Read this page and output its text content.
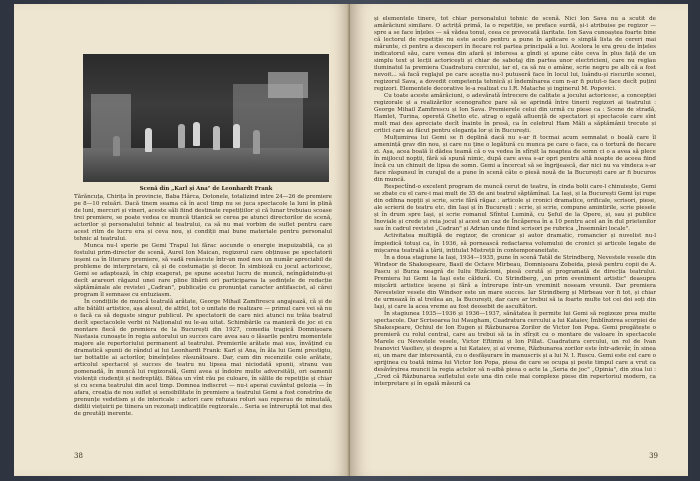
Scenă din „Karl și Ana" de Leonhardt Frank

Tărăncuța, Chirița în provincie, Baba Hârca, Dotonele, totalizind intre 24—26 de premiere pe 8—10 reluări. Dacă tinem seama că în acel timp nu se juca spectacole la luni în plină de luni, mercuri și vineri, aceste săli fiind destinate repetițiilor și că lunar trebuiau scoase trei premiere, se poate vedea ce muncă titanică se cerea pe atunci directorilor de scenă, actorilor și personalului tehnic al teatrului, ca să nu mai vorbim de suflet pentru care acest ritm de lucru era și ceva nou, și condiții mai bune materiale pentru personalul tehnic al teatrului.

Munca nu-l sperie pe Gemi Trapul lui fărac aocunde o energie inepuizabilă, ca și fostului prim-director de scenă, Aurel Ion Maican, regizorul care obținuse pe spectatorii ieșeni ca în literare premiere, să vadă renăscute într-un mod nou un număr apreciabil de probleme de interpretare, că și de costumație și decor. În simbioză cu jocul actoricesc, Gemi se adaptează, în chip exagerat, pe spune acestui lucru de muncă, neîngăduindu-și decît arareori răgazul unei rare pline libării ori participarea la ședințele de redacție săptămânale ale revistei „Cadran", publicație cu pronunțat caracter antifascist, al cărei program îl semnase cu entuziasm.

În condițiile de muncă teatrală arătate, George Mihail Zamfirescu angajează, că și de alte bătălii artistice, așa alesul, de altfel, tot o unitate de realizare — primul care vei să nu o facă ca să deguste singur publicul. Pe spectatorii de care nici atunci nu trăia teatrul decît spectacolele verbi ni Naționalul nu le-au uitat. Schimbările ca manieră de joc ei cu montare fiecă de premiera de la București din 1927, comedia tragică Domnișoara Nastasia cunoaște în regia autorului un succes care avea sau o lăsarile pentru momentele majore ale repertoriului permanent al teatrului. Premierile arătate mai sus, învățind cu dramatică spunii de rândul ai lui Leonhardt Frank: Karl și Ana, în ăla lui Gemi prestigiu, iar bottatile ai actorilor, bineînțeles răsunătoare. Dar, cum din recenziile cele arătate, articolul spectacol și succes de teatru nu lipsea mai niciodată spunii, stranu vau pomenadă, în muncă lui regizorală, Gemi avea și îndoire multe adversități, ori oamenii violenții ciudenții și nedreptăți. Bătea un vînt rău pe culoare, în sălile de repetiție și chiar și cu scena teatrului din acel timp. Domnea indiscret — nu-i aperai cuvântul gelozia — în afara, creația de nou suflet și sensibilitate în premiere a teatrului Gemi a fost constrîns de prenunțe vedetism și de intericale : actori care refuzau roluri sau reperau de minutală, didilii viețuirii pe tiinera un rezonați indicațiile regizorale... Seria se întreruptă tot mai des de greutăți inerente.

38

și elementele tinere, tot chiar personalului tehnic de scenă. Nici Ion Sava nu a scutit de amărăciuni similare. O actriță primă, la o repetiție, se preface surdă, și-i atribuise pe regizor — spre a se face înțeles — să vădea tonul, ceea ce provocată ilaritate. Ion Sava cunoaștea foarte bine că lectorul de repetiție nu este acolo pentru a pune în aplicare o simplă lista de cereri mai mărunte, ci pentru a descoperi în fiecare rol partea principală a lui. Acelora le era greu de înțeles indicatorul său, care venea din afară și interesa a gîndi și spune câte ceva în plus față de un simplu text și lecții actoricești și chiar de sabotaj din partea unor electricieni, care nu reglau iluminatul la premiera Cuadratura cercului, iar el, ca să nu o amâne, scrie negru pe alb că a fost nevoit... să facă reglajul pe care aceștia nu-l putuseră face în locul lui, luându-și riscurile scenei, regizorul Sava, a dovedit competența tehnică și îndemînarea cum n-ar fi putut-o face decît puțini regizori. Elementele decorative le-a realizat cu I.R. Matache și inginerul M. Popovici.

Cu toate aceste amărăciuni, o adevărată întrecere de calitate a jocului actoricesc, a concepției regizorale și a realizărilor scenografice pare să se aprindă între tinerii regizori ai teatrului : George Mihail Zamfirescu și Ion Sava. Premierele celui din urmă cu piese ca : Scene de stradă, Hamlet, Turina, operetă Ghetto etc. atrag o egală afluență de spectatori și spectacole care sînt mult mai des apreciate decît înainte în presă, ca în celebrul Ham Mâli a săptămânii trecute și critici care au făcut pentru eleganța lor și în București.

Mulțumirea lui Gemi se fi deplină dacă nu s-ar fi tocmai acum semnalat o boală care îl amenință grav din nou, și care nu ține o legătură cu munca pe care o face, ca o tortură de fiecare zi. Așa, acea boală îi dădea teamă că o va vedea în sfîrșit la noaptea de somn ci o a avea să plece în mijlocul nopții, fără să spună nimic, după care avea s-ar opri pentru altă noapte de aceea fiind încă cu un chinuit de lipsa de somn. Gemi a încercat să se îngrijească, dar nici nu va vindeca s-ar face răspunsul în curajul de a pune în scenă câte o piesă nouă de la București care ar fi bucuros din muncă.

Respectînd-o excelent program de muncă cerut de teatru, în cinda bolii care-l chinuiește, Gemi se zbate cu el care-i mai mult de 35 de ani teatrul săptămînal. La Iași, și la București Gemi își rupe din odihna nopții și scrie, scrie fără răgaz : articole și cronici dramatice, orificale, scrisori, piese, ale scrierii de teatru etc. din Iași și în București : scrie, și scrie, compune amintirile, scrie piesele și în drum spre Iași, și scrie romanul Sfîntul Lumină, cu Șeful de la Opere, și, sau și publice Inoviale și crede și reia jocul și acest un caz de Încăperea în a 10 pentru acel an în dul prietenilor sau în cadrul revistei „Cadran" și Adrian unde fiind scrisori pe rubrica „Însemnări locale".

Activitatea multiplă de regizor, de cronicar și autor dramatic, romancier și nuvelist nu-l împiedică totuși ca, în 1936, să pornească redactarea volumului de cronici și articole legate de mișcarea teatrală a țării, intitulat Mistreții în contemporaneitate.

În a doua stagiune la Iași, 1934—1935, pune în scenă Tatăl de Strindberg, Nevestele vesele din Windsor de Shakespeare, Basil de Octave Mirbeau, Domnișoara Zobeida, piesă pentru copii de A. Pascu și Burza neagră de Iuliu Rizăcioni, piesă cerută și programată de direcția teatrului. Premiera lui Gemi la Iași este căldură. Cu Strindberg, „un prim eveniment artistic" deasupra mișcării artistice ieșene și fără a întrerupe într-un vreminit noseam vreunii. Dar premiera Nevestelor vesele din Windsor este un mare succes. Iar Strindberg și Mirbeau vor fi tot, și chiar de urmează în al treilea an, la București, dar care ar trebui să ia foarte multe tot cei doi soți din Iași, și care la acea vreme au fost deosebit de ascultători.

În stagiunea 1935—1936 și 1936—1937, sănătatea îi permite lui Gemi să regizeze prea multe spectacole. Dar Scrisoarea lui Maugham, Cuadratura cercului a lui Kataiev, Îmblînzirea scorpiei de Shakespeare, Ochiul de Ion Eugen și Răzbunarea Zorilor de Victor Ion Popa. Gemi pregătește o premieră cu rolul central, care au trebui să ia în sfîrșit cu o montare de valoare în spectacole Marele cu Nevestele vesele, Victor Eftimiu și Ion Pillat. Cuadratura cercului, un rol de Ivan Ivanovici Vasiliev, și despre a lui Kataiev, și ai vreme, Răzbunarea zorilor este într-adevăr, în sinea ei, un mare dar interesantă, cu o desfășurare în manuscris și a lui N. I. Ruscu. Gemi este cel care o sprijinea cu toată inima lui Victor Ion Popa, piesa de care se ocupa și peste timpul care a vrut ca desăvîrșirea muncii la regia actelor să n-aibă piesa o acte la „Seria de joc" „Opinia", din ziua lui : „Cred că Răzbunarea sufletului este una din cele mai complexe piese din repertoriul modern, ca interpretare și în egală măsură ca

39
